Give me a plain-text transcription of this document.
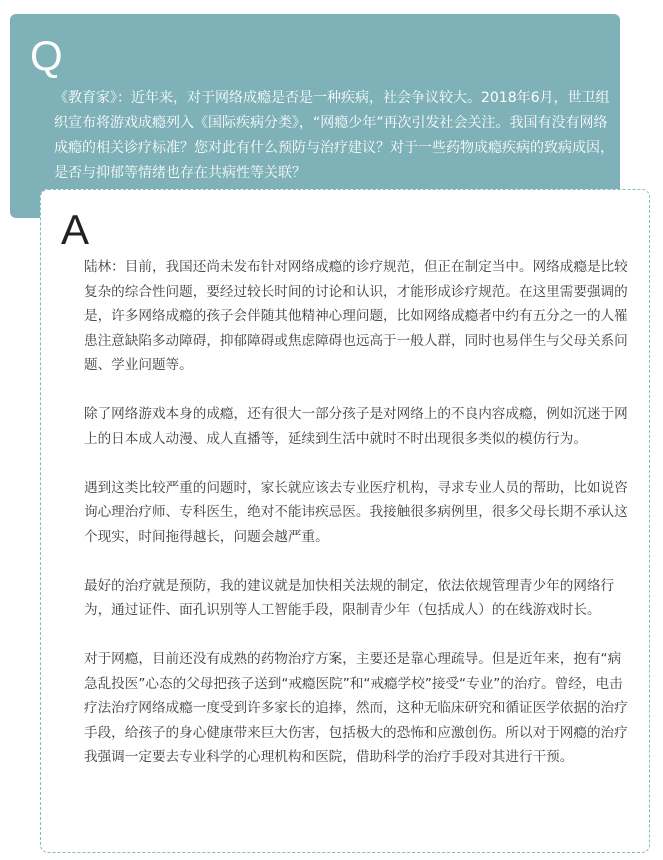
Q

《教育家》：近年来，对于网络成瘾是否是一种疾病，社会争议较大。2018年6月，世卫组织宣布将游戏成瘾列入《国际疾病分类》，“网瘾少年”再次引发社会关注。我国有没有网络成瘾的相关诊疗标准？您对此有什么预防与治疗建议？对于一些药物成瘾疾病的致病成因，是否与抑郁等情绪也存在共病性等关联？

A

陆林：目前，我国还尚未发布针对网络成瘾的诊疗规范，但正在制定当中。网络成瘾是比较复杂的综合性问题，要经过较长时间的讨论和认识，才能形成诊疗规范。在这里需要强调的是，许多网络成瘾的孩子会伴随其他精神心理问题，比如网络成瘾者中约有五分之一的人罹患注意缺陷多动障碍，抑郁障碍或焦虑障碍也远高于一般人群，同时也易伴生与父母关系问题、学业问题等。

除了网络游戏本身的成瘾，还有很大一部分孩子是对网络上的不良内容成瘾，例如沉迷于网上的日本成人动漫、成人直播等，延续到生活中就时不时出现很多类似的模仿行为。

遇到这类比较严重的问题时，家长就应该去专业医疗机构，寻求专业人员的帮助，比如说咨询心理治疗师、专科医生，绝对不能讳疾忌医。我接触很多病例里，很多父母长期不承认这个现实，时间拖得越长，问题会越严重。

最好的治疗就是预防，我的建议就是加快相关法规的制定，依法依规管理青少年的网络行为，通过证件、面孔识别等人工智能手段，限制青少年（包括成人）的在线游戏时长。

对于网瘾，目前还没有成熟的药物治疗方案，主要还是靠心理疏导。但是近年来，抱有“病急乱投医”心态的父母把孩子送到“戒瘾医院”和“戒瘾学校”接受“专业”的治疗。曾经，电击疗法治疗网络成瘾一度受到许多家长的追捧，然而，这种无临床研究和循证医学依据的治疗手段，给孩子的身心健康带来巨大伤害，包括极大的恐怖和应激创伤。所以对于网瘾的治疗我强调一定要去专业科学的心理机构和医院，借助科学的治疗手段对其进行干预。
